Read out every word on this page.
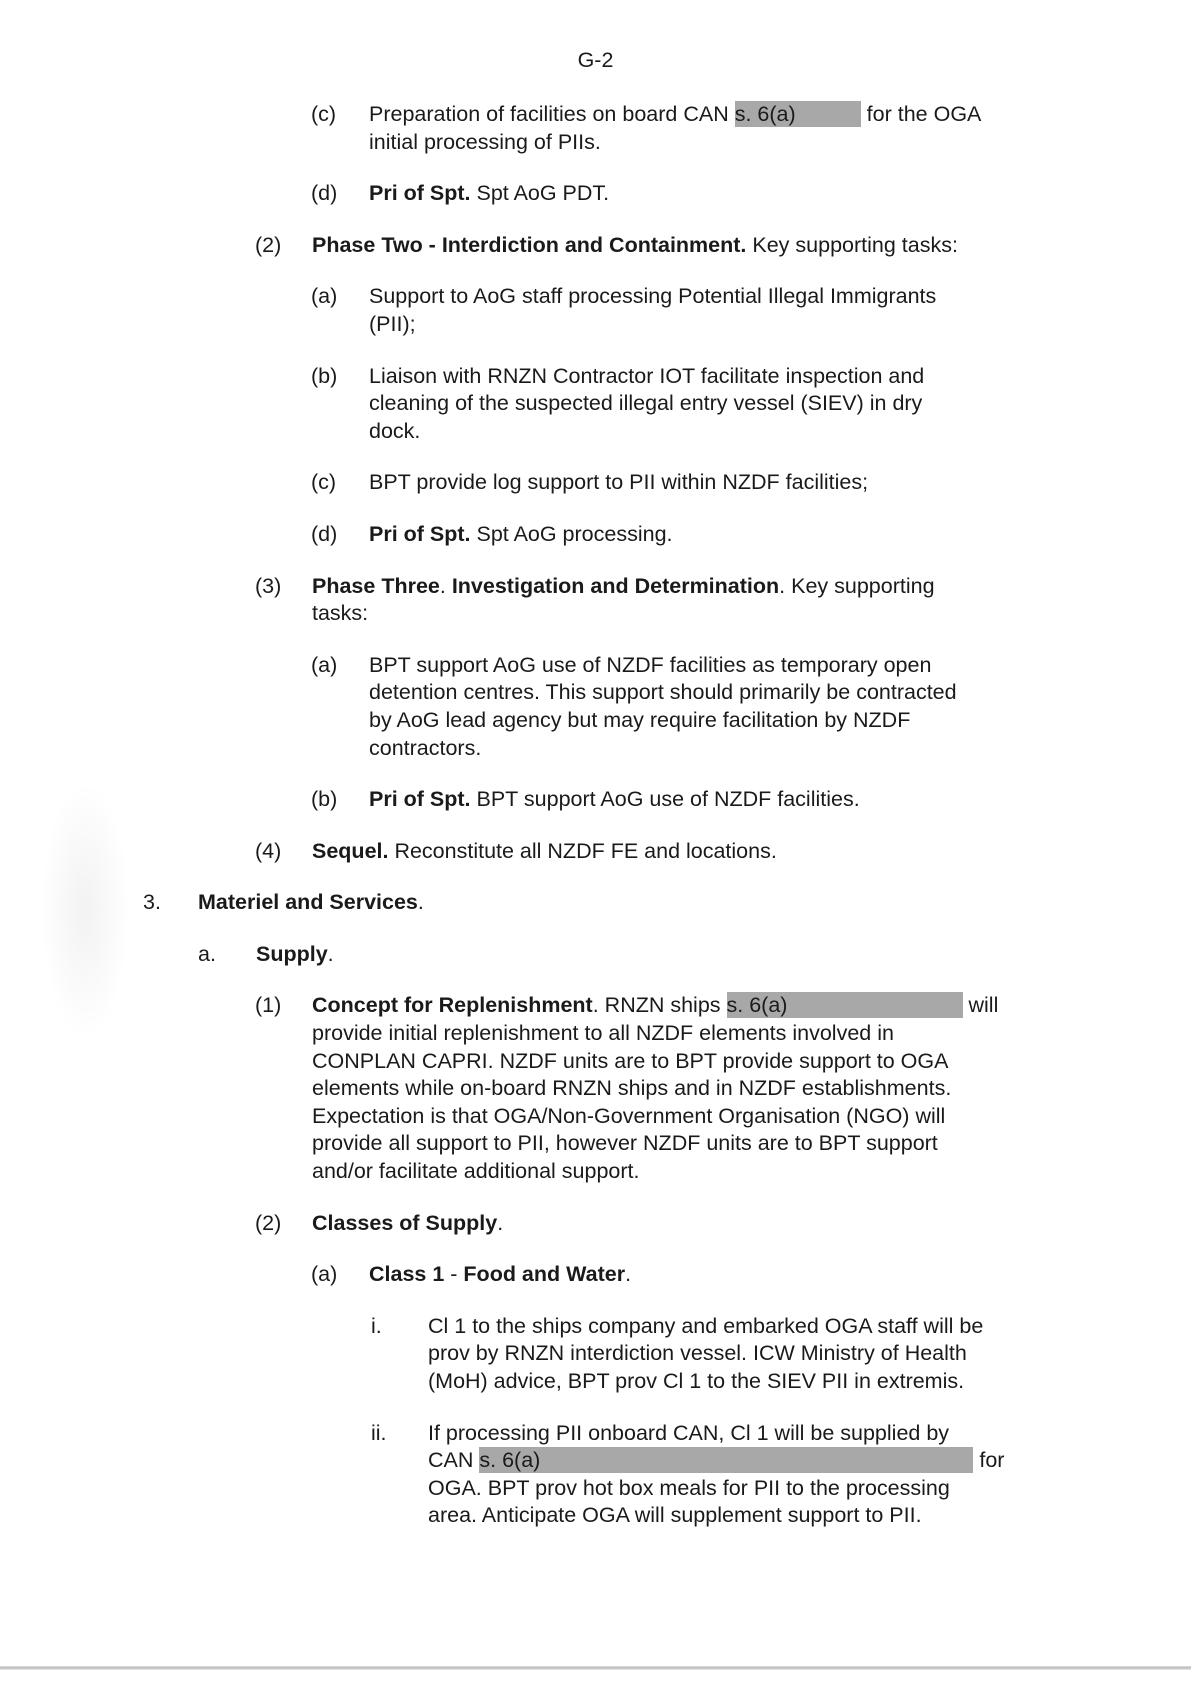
G-2
(c) Preparation of facilities on board CAN s. 6(a)	for the OGA
initial processing of PIIs.
(d) Pri of Spt. Spt AoG PDT.
(2) Phase Two - Interdiction and Containment. Key supporting tasks:
(a) Support to AoG staff processing Potential Illegal Immigrants
(PII);
(b) Liaison with RNZN Contractor IOT facilitate inspection and
cleaning of the suspected illegal entry vessel (SIEV) in dry
dock.
(c) BPT provide log support to PII within NZDF facilities;
(d) Pri of Spt. Spt AoG processing.
(3) Phase Three. Investigation and Determination. Key supporting
tasks:
(a) BPT support AoG use of NZDF facilities as temporary open
detention centres. This support should primarily be contracted
by AoG lead agency but may require facilitation by NZDF
contractors.
(b) Pri of Spt. BPT support AoG use of NZDF facilities.
(4) Sequel. Reconstitute all NZDF FE and locations.
3. Materiel and Services.
a. Supply.
(1) Concept for Replenishment. RNZN ships s. 6(a)	will
provide initial replenishment to all NZDF elements involved in
CONPLAN CAPRI. NZDF units are to BPT provide support to OGA
elements while on-board RNZN ships and in NZDF establishments.
Expectation is that OGA/Non-Government Organisation (NGO) will
provide all support to PII, however NZDF units are to BPT support
and/or facilitate additional support.
(2) Classes of Supply.
(a) Class 1 - Food and Water.
i. Cl 1 to the ships company and embarked OGA staff will be
prov by RNZN interdiction vessel. ICW Ministry of Health
(MoH) advice, BPT prov Cl 1 to the SIEV PII in extremis.
ii. If processing PII onboard CAN, Cl 1 will be supplied by
CAN s. 6(a)	for
OGA. BPT prov hot box meals for PII to the processing
area. Anticipate OGA will supplement support to PII.
